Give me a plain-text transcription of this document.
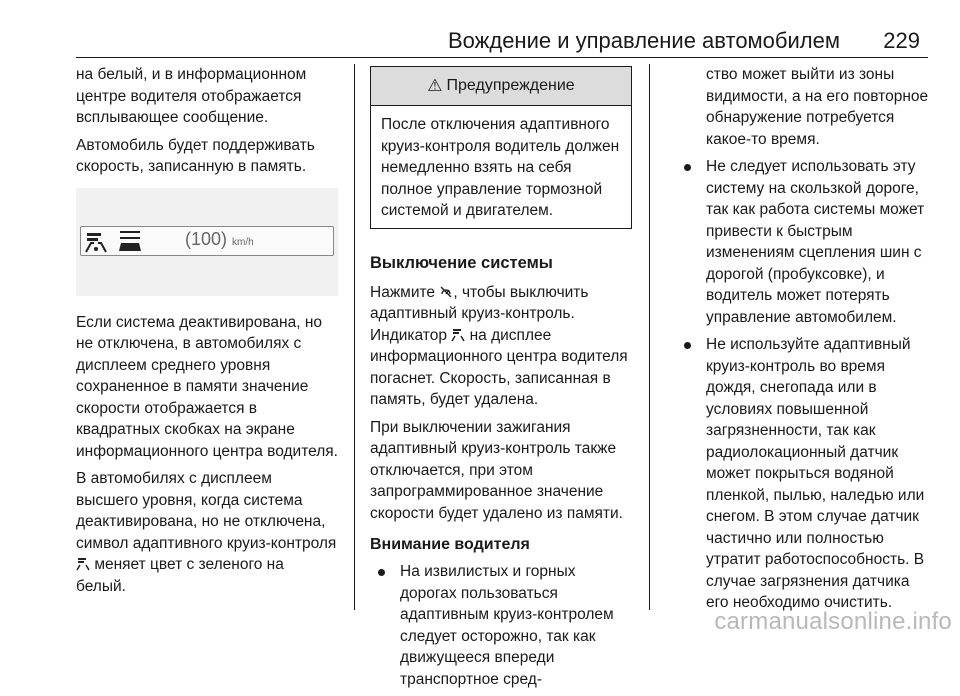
Вождение и управление автомобилем 229

на белый, и в информационном центре водителя отображается всплывающее сообщение.

Автомобиль будет поддерживать скорость, записанную в память.

(100) km/h

Если система деактивирована, но не отключена, в автомобилях с дисплеем среднего уровня сохраненное в памяти значение скорости отображается в квадратных скобках на экране информационного центра водителя.

В автомобилях с дисплеем высшего уровня, когда система деактивирована, но не отключена, символ адаптивного круиз-контроля  меняет цвет с зеленого на белый.

⚠ Предупреждение
После отключения адаптивного круиз-контроля водитель должен немедленно взять на себя полное управление тормозной системой и двигателем.
Выключение системы

Нажмите , чтобы выключить адаптивный круиз-контроль. Индикатор на дисплее информационного центра водителя погаснет. Скорость, записанная в память, будет удалена.

При выключении зажигания адаптивный круиз-контроль также отключается, при этом запрограммированное значение скорости будет удалено из памяти.

Внимание водителя
На извилистых и горных дорогах пользоваться адаптивным круиз-контролем следует осторожно, так как движущееся впереди транспортное сред-
ство может выйти из зоны видимости, а на его повторное обнаружение потребуется какое-то время.
Не следует использовать эту систему на скользкой дороге, так как работа системы может привести к быстрым изменениям сцепления шин с дорогой (пробуксовке), и водитель может потерять управление автомобилем.
Не используйте адаптивный круиз-контроль во время дождя, снегопада или в условиях повышенной загрязненности, так как радиолокационный датчик может покрыться водяной пленкой, пылью, наледью или снегом. В этом случае датчик частично или полностью утратит работоспособность. В случае загрязнения датчика его необходимо очистить.
carmanualsonline.info
